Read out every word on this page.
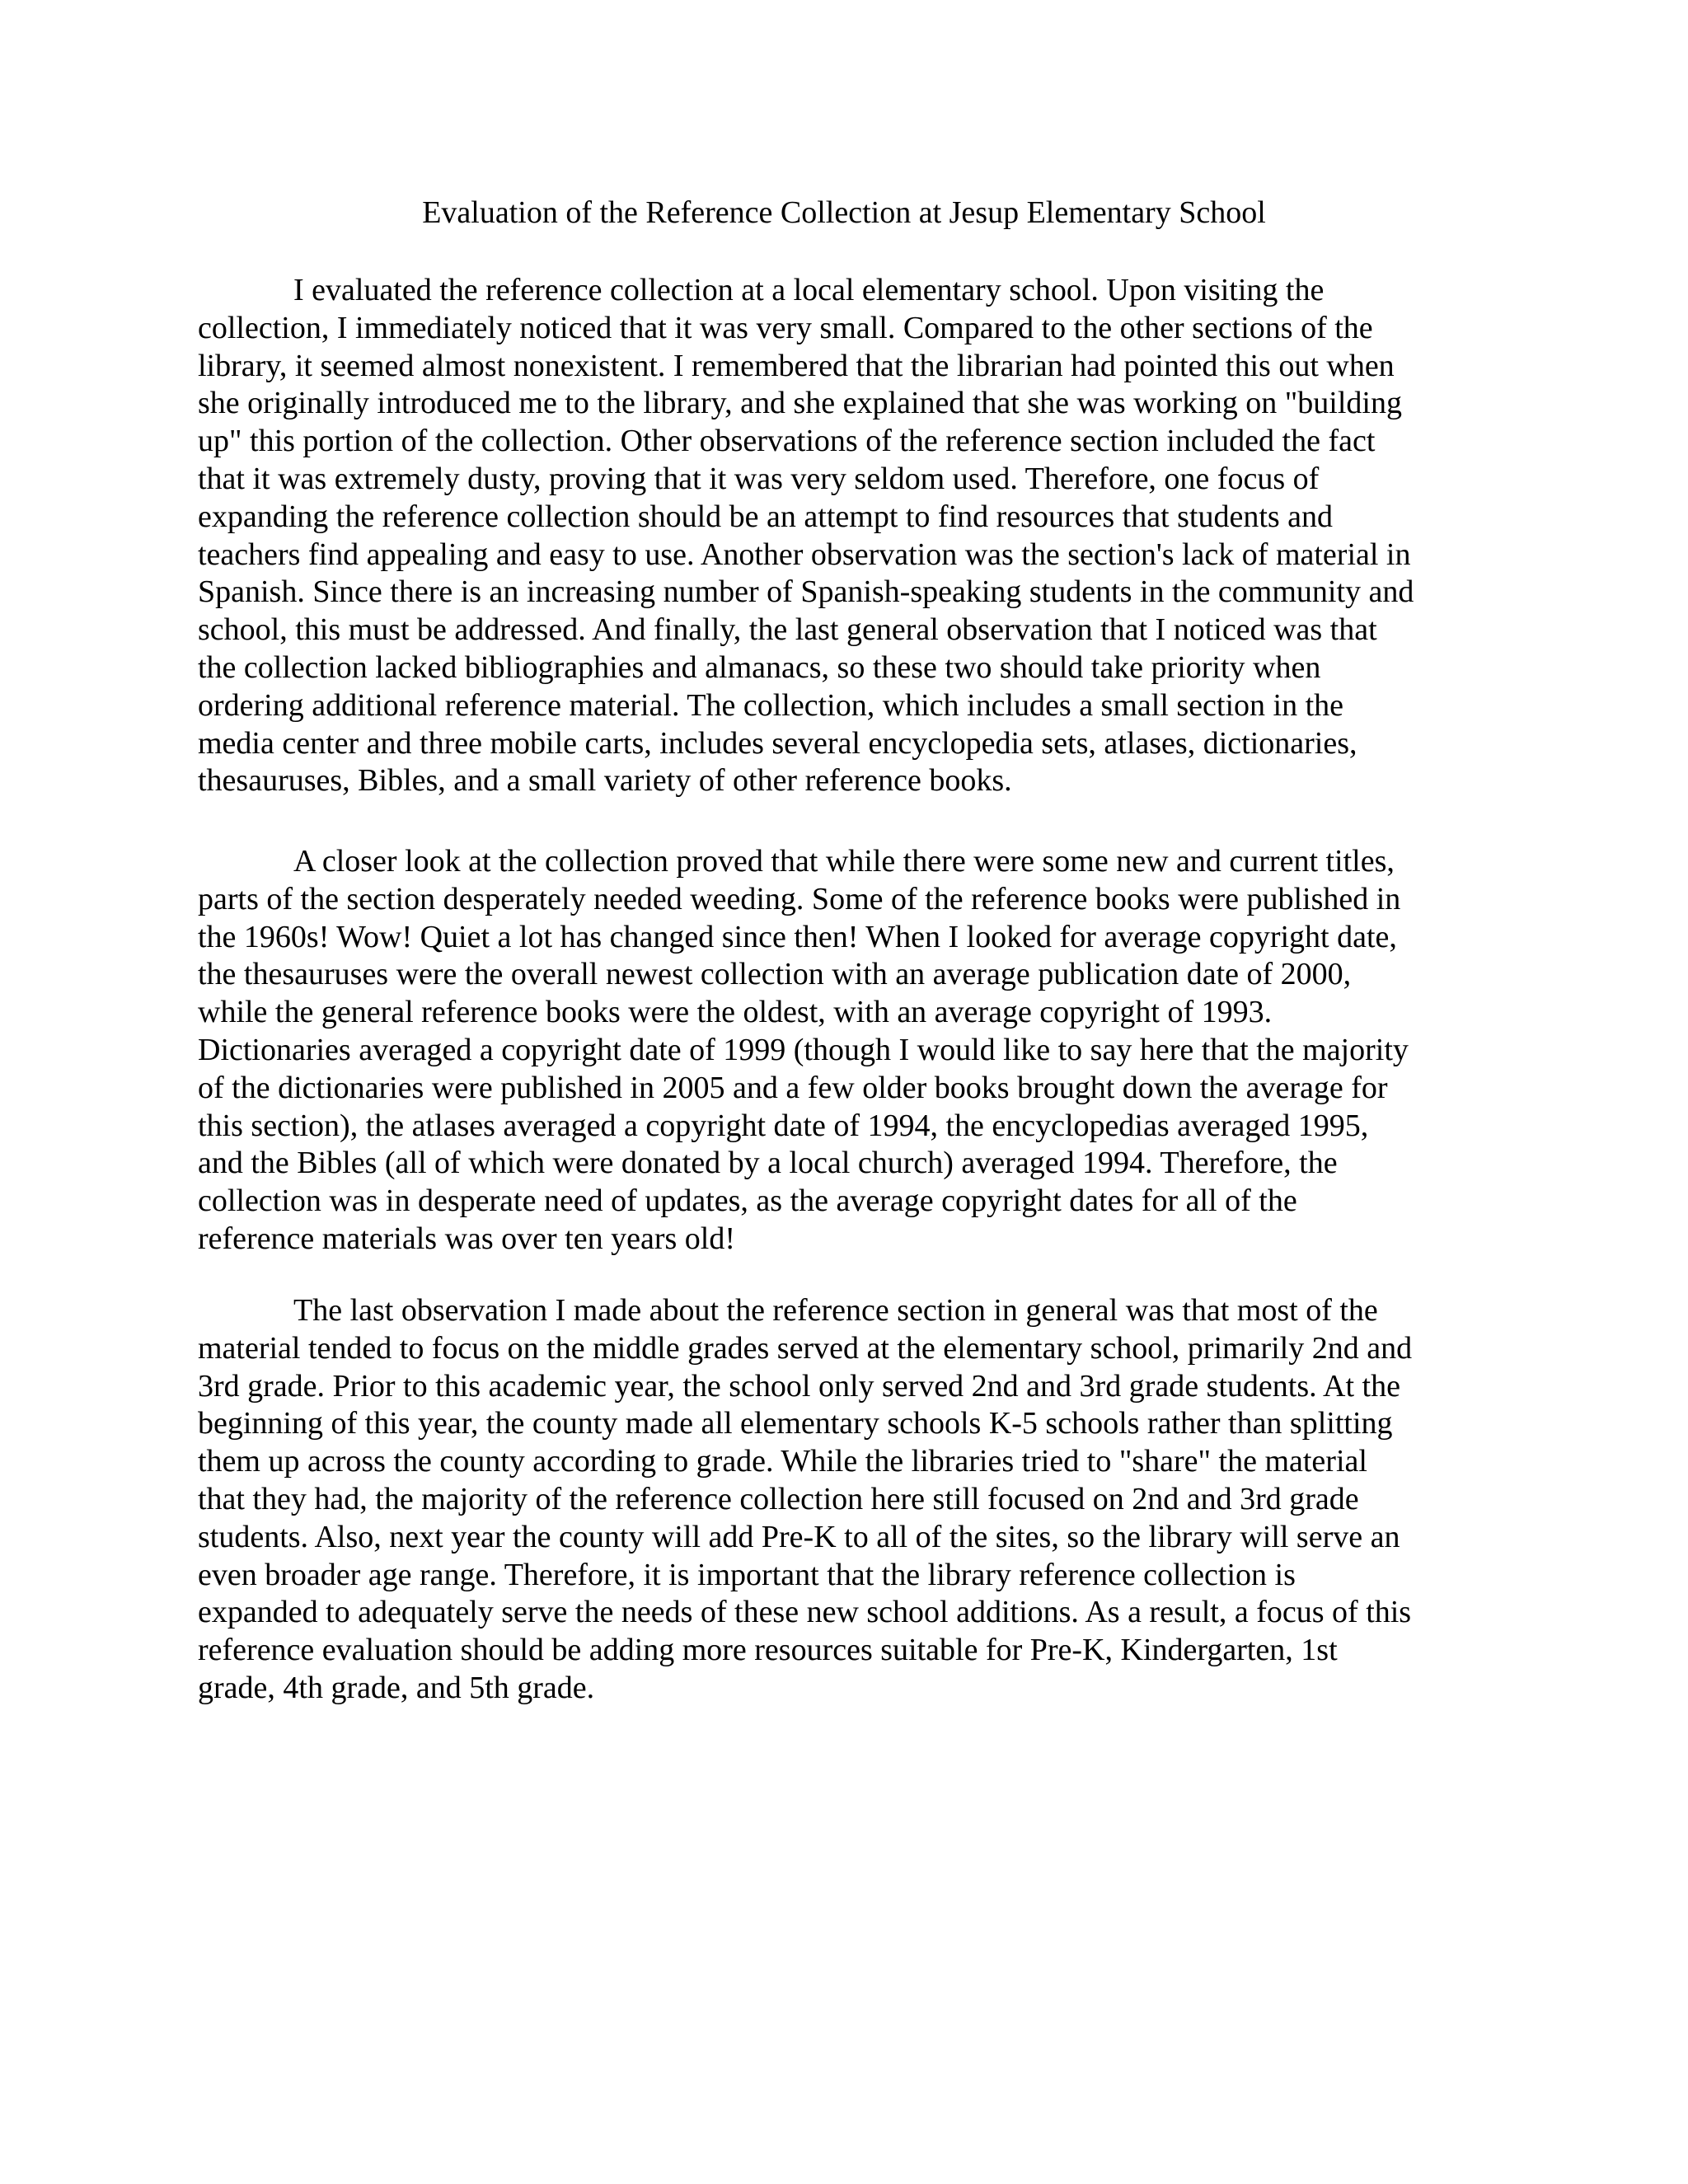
Evaluation of the Reference Collection at Jesup Elementary School
I evaluated the reference collection at a local elementary school. Upon visiting the
collection, I immediately noticed that it was very small. Compared to the other sections of the
library, it seemed almost nonexistent. I remembered that the librarian had pointed this out when
she originally introduced me to the library, and she explained that she was working on "building
up" this portion of the collection. Other observations of the reference section included the fact
that it was extremely dusty, proving that it was very seldom used. Therefore, one focus of
expanding the reference collection should be an attempt to find resources that students and
teachers find appealing and easy to use. Another observation was the section's lack of material in
Spanish. Since there is an increasing number of Spanish-speaking students in the community and
school, this must be addressed. And finally, the last general observation that I noticed was that
the collection lacked bibliographies and almanacs, so these two should take priority when
ordering additional reference material. The collection, which includes a small section in the
media center and three mobile carts, includes several encyclopedia sets, atlases, dictionaries,
thesauruses, Bibles, and a small variety of other reference books.
A closer look at the collection proved that while there were some new and current titles,
parts of the section desperately needed weeding. Some of the reference books were published in
the 1960s! Wow! Quiet a lot has changed since then! When I looked for average copyright date,
the thesauruses were the overall newest collection with an average publication date of 2000,
while the general reference books were the oldest, with an average copyright of 1993.
Dictionaries averaged a copyright date of 1999 (though I would like to say here that the majority
of the dictionaries were published in 2005 and a few older books brought down the average for
this section), the atlases averaged a copyright date of 1994, the encyclopedias averaged 1995,
and the Bibles (all of which were donated by a local church) averaged 1994. Therefore, the
collection was in desperate need of updates, as the average copyright dates for all of the
reference materials was over ten years old!
The last observation I made about the reference section in general was that most of the
material tended to focus on the middle grades served at the elementary school, primarily 2nd and
3rd grade. Prior to this academic year, the school only served 2nd and 3rd grade students. At the
beginning of this year, the county made all elementary schools K-5 schools rather than splitting
them up across the county according to grade. While the libraries tried to "share" the material
that they had, the majority of the reference collection here still focused on 2nd and 3rd grade
students. Also, next year the county will add Pre-K to all of the sites, so the library will serve an
even broader age range. Therefore, it is important that the library reference collection is
expanded to adequately serve the needs of these new school additions. As a result, a focus of this
reference evaluation should be adding more resources suitable for Pre-K, Kindergarten, 1st
grade, 4th grade, and 5th grade.
